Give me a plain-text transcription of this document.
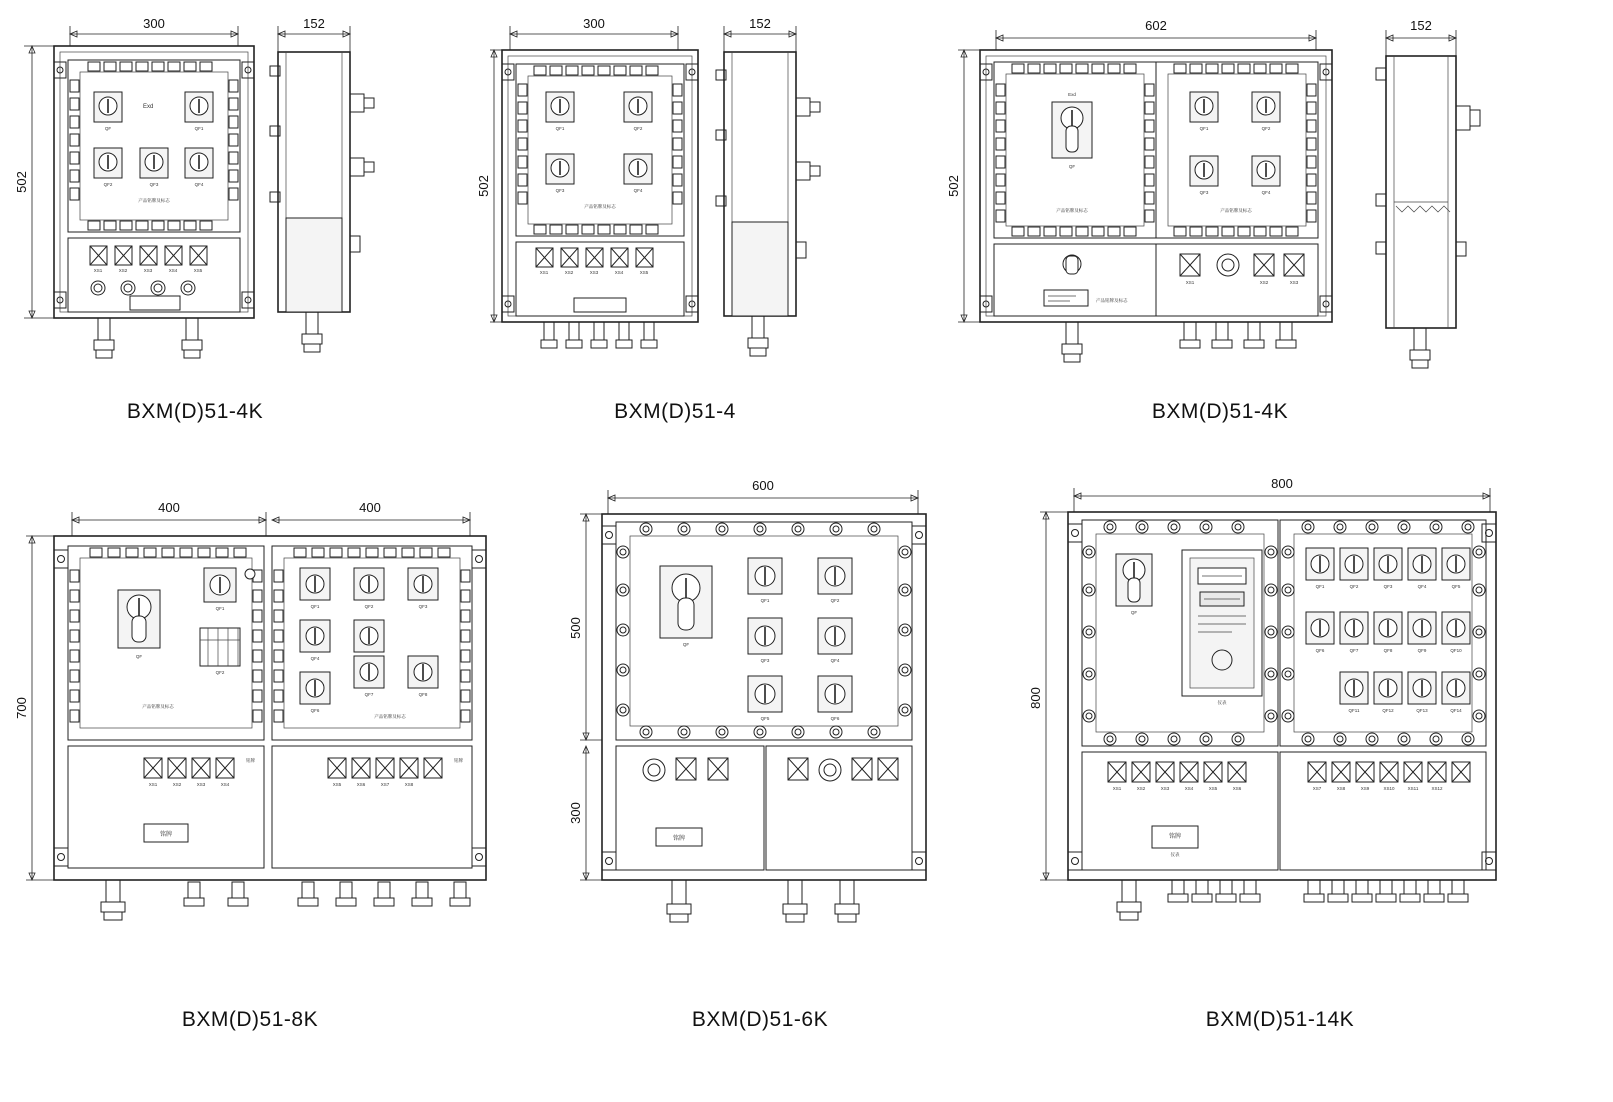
300
502
QF	QF1
Exd
QF2	QF3	QF4
产品铭牌及标志
XS1	XS2	XS3	XS4	XS5
152
BXM(D)51-4K
300
502
QF1	QF2
QF3	QF4
产品铭牌及标志
XS1	XS2	XS3	XS4	XS5
152
BXM(D)51-4
602
502
QF
Exd
QF1	QF2
QF3	QF4
产品铭牌及标志	产品铭牌及标志
产品铭牌及标志
XS1	XS2	XS3
152
BXM(D)51-4K
400	400
700
QF1
QF
QF2
产品铭牌及标志
QF1	QF2	QF3
QF4
QF6
QF7	QF8
产品铭牌及标志
XS1	XS2	XS3	XS4
铭牌
铭牌
XS5	XS6	XS7	XS8
铭牌
BXM(D)51-8K
600
500
300
QF
QF1	QF2
QF3	QF4
QF5	QF6
铭牌
BXM(D)51-6K
800
800
QF
仪表
QF1	QF2	QF3	QF4	QF5
QF6	QF7	QF8	QF9	QF10
QF11	QF12	QF13	QF14
XS1	XS2	XS3	XS4	XS5	XS6
铭牌
仪表
XS7	XS8	XS9	XS10	XS11	XS12
BXM(D)51-14K
